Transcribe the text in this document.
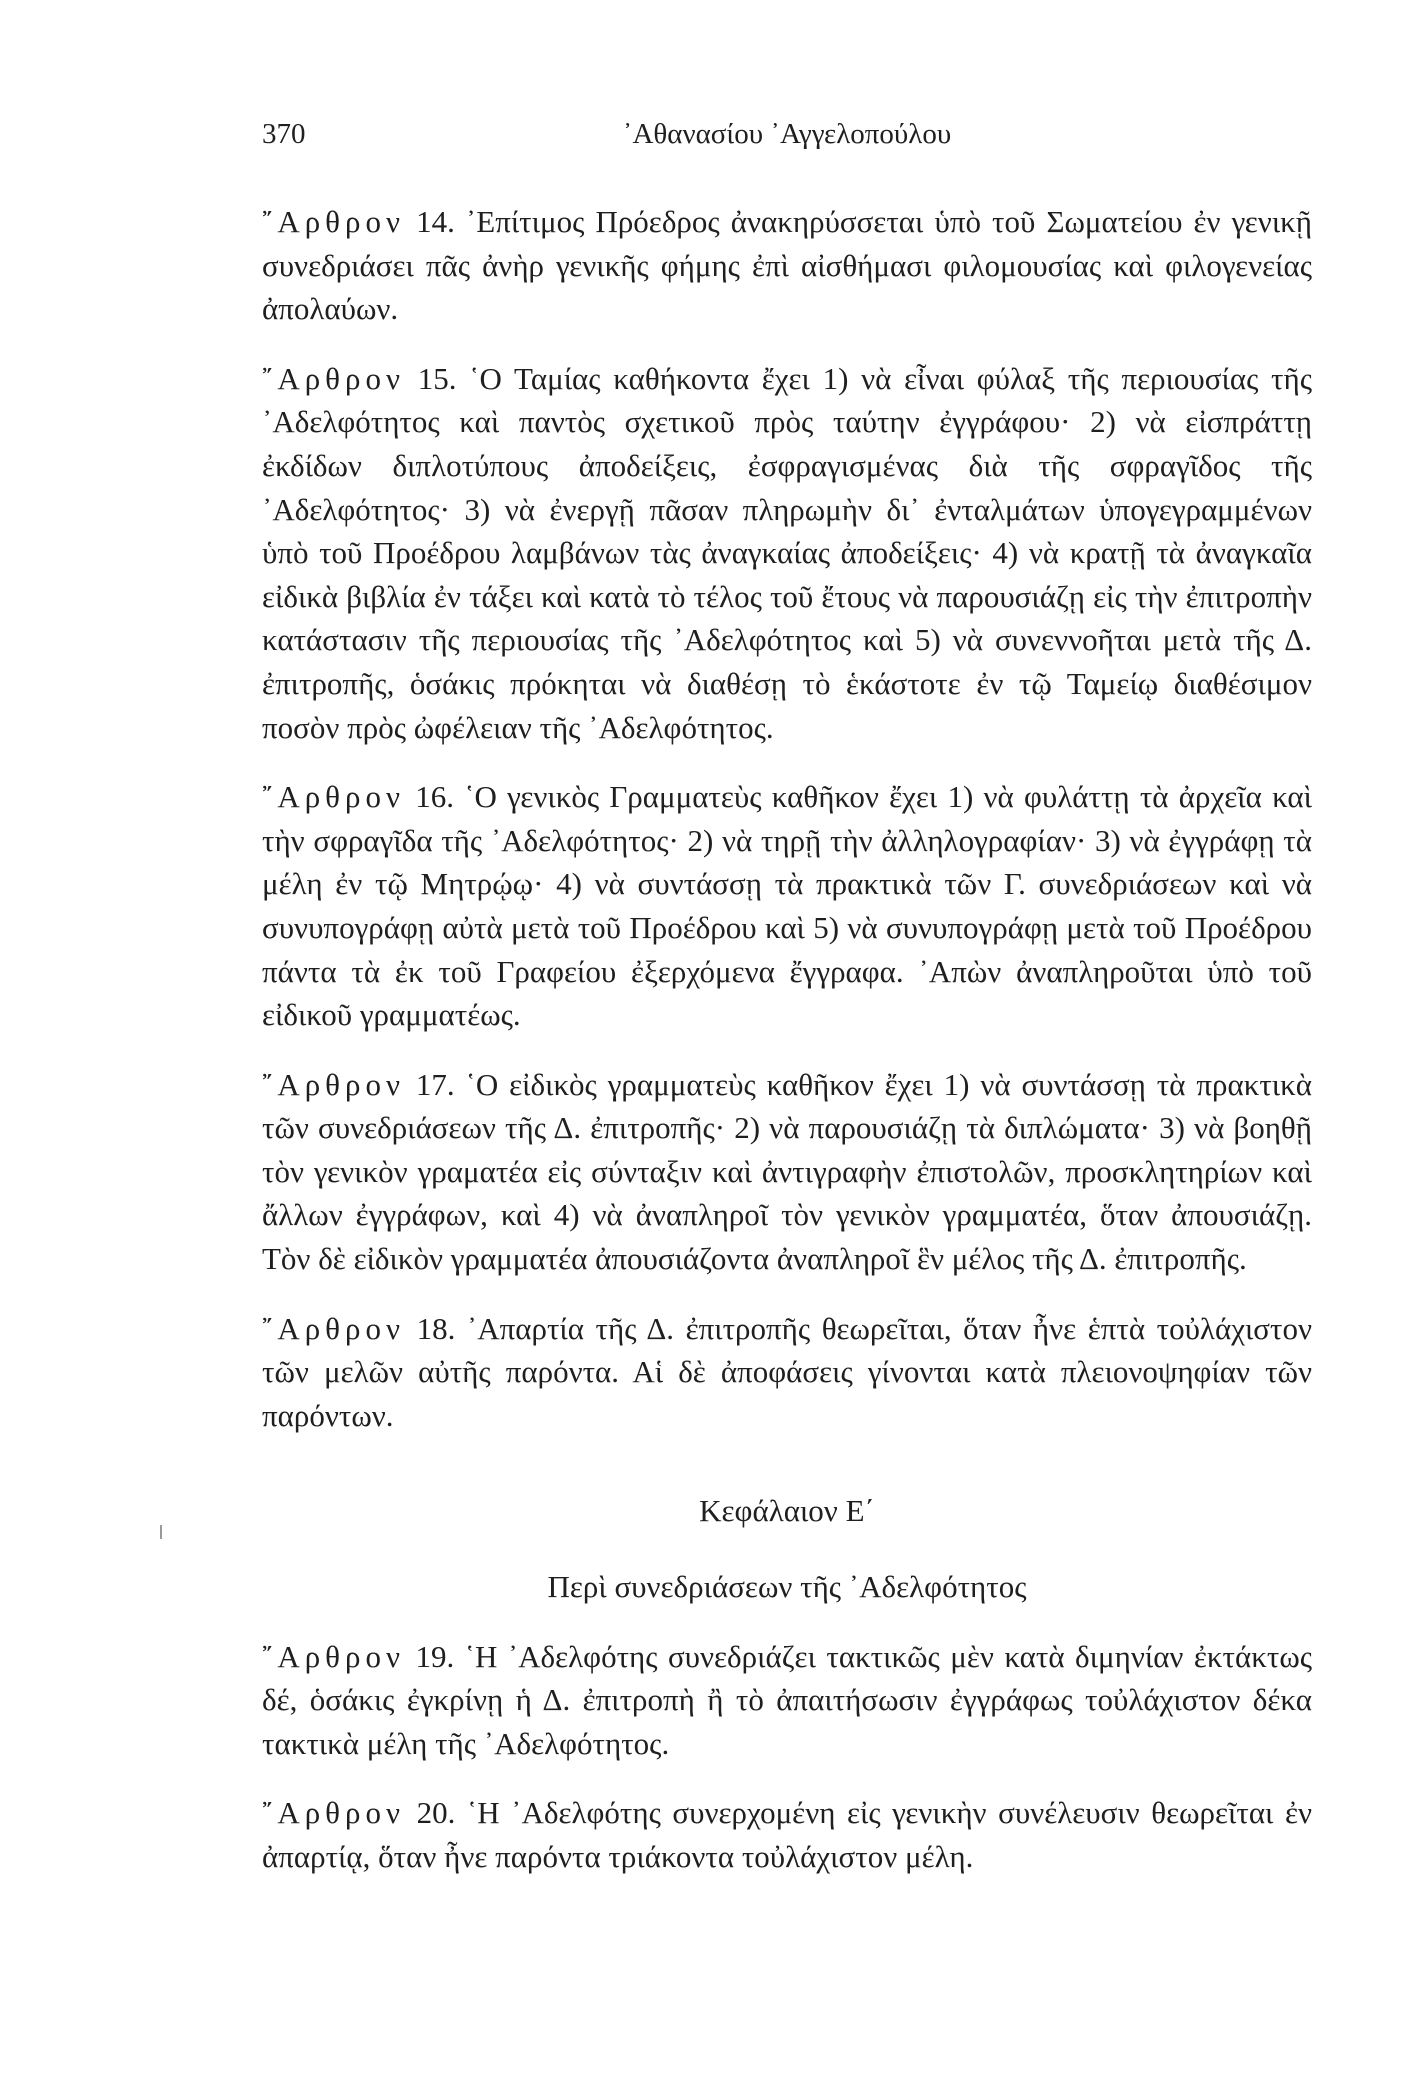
370	᾿Αθανασίου ᾿Αγγελοπούλου

῎Αρθρον 14. ᾿Επίτιμος Πρόεδρος ἀνακηρύσσεται ὑπὸ τοῦ Σωματείου ἐν γενικῇ συνεδριάσει πᾶς ἀνὴρ γενικῆς φήμης ἐπὶ αἰσθήμασι φιλομουσίας καὶ φιλογενείας ἀπολαύων.

῎Αρθρον 15. ῾Ο Ταμίας καθήκοντα ἔχει 1) νὰ εἶναι φύλαξ τῆς περιουσίας τῆς ᾿Αδελφότητος καὶ παντὸς σχετικοῦ πρὸς ταύτην ἐγγράφου· 2) νὰ εἰσπράττῃ ἐκδίδων διπλοτύπους ἀποδείξεις, ἐσφραγισμένας διὰ τῆς σφραγῖδος τῆς ᾿Αδελφότητος· 3) νὰ ἐνεργῇ πᾶσαν πληρωμὴν δι᾿ ἐνταλμάτων ὑπογεγραμμένων ὑπὸ τοῦ Προέδρου λαμβάνων τὰς ἀναγκαίας ἀποδείξεις· 4) νὰ κρατῇ τὰ ἀναγκαῖα εἰδικὰ βιβλία ἐν τάξει καὶ κατὰ τὸ τέλος τοῦ ἔτους νὰ παρουσιάζῃ εἰς τὴν ἐπιτροπὴν κατάστασιν τῆς περιουσίας τῆς ᾿Αδελφότητος καὶ 5) νὰ συνεννοῆται μετὰ τῆς Δ. ἐπιτροπῆς, ὁσάκις πρόκηται νὰ διαθέσῃ τὸ ἑκάστοτε ἐν τῷ Ταμείῳ διαθέσιμον ποσὸν πρὸς ὠφέλειαν τῆς ᾿Αδελφότητος.

῎Αρθρον 16. ῾Ο γενικὸς Γραμματεὺς καθῆκον ἔχει 1) νὰ φυλάττῃ τὰ ἀρχεῖα καὶ τὴν σφραγῖδα τῆς ᾿Αδελφότητος· 2) νὰ τηρῇ τὴν ἀλληλογραφίαν· 3) νὰ ἐγγράφῃ τὰ μέλη ἐν τῷ Μητρῴῳ· 4) νὰ συντάσσῃ τὰ πρακτικὰ τῶν Γ. συνεδριάσεων καὶ νὰ συνυπογράφῃ αὐτὰ μετὰ τοῦ Προέδρου καὶ 5) νὰ συνυπογράφῃ μετὰ τοῦ Προέδρου πάντα τὰ ἐκ τοῦ Γραφείου ἐξερχόμενα ἔγγραφα. ᾿Απὼν ἀναπληροῦται ὑπὸ τοῦ εἰδικοῦ γραμματέως.

῎Αρθρον 17. ῾Ο εἰδικὸς γραμματεὺς καθῆκον ἔχει 1) νὰ συντάσσῃ τὰ πρακτικὰ τῶν συνεδριάσεων τῆς Δ. ἐπιτροπῆς· 2) νὰ παρουσιάζῃ τὰ διπλώματα· 3) νὰ βοηθῇ τὸν γενικὸν γραματέα εἰς σύνταξιν καὶ ἀντιγραφὴν ἐπιστολῶν, προσκλητηρίων καὶ ἄλλων ἐγγράφων, καὶ 4) νὰ ἀναπληροῖ τὸν γενικὸν γραμματέα, ὅταν ἀπουσιάζῃ. Τὸν δὲ εἰδικὸν γραμματέα ἀπουσιάζοντα ἀναπληροῖ ἓν μέλος τῆς Δ. ἐπιτροπῆς.

῎Αρθρον 18. ᾿Απαρτία τῆς Δ. ἐπιτροπῆς θεωρεῖται, ὅταν ἦνε ἑπτὰ τοὐλάχιστον τῶν μελῶν αὐτῆς παρόντα. Αἱ δὲ ἀποφάσεις γίνονται κατὰ πλειονοψηφίαν τῶν παρόντων.

Κεφάλαιον Ε΄

Περὶ συνεδριάσεων τῆς ᾿Αδελφότητος

῎Αρθρον 19. ῾Η ᾿Αδελφότης συνεδριάζει τακτικῶς μὲν κατὰ διμηνίαν ἐκτάκτως δέ, ὁσάκις ἐγκρίνῃ ἡ Δ. ἐπιτροπὴ ἢ τὸ ἀπαιτήσωσιν ἐγγράφως τοὐλάχιστον δέκα τακτικὰ μέλη τῆς ᾿Αδελφότητος.

῎Αρθρον 20. ῾Η ᾿Αδελφότης συνερχομένη εἰς γενικὴν συνέλευσιν θεωρεῖται ἐν ἀπαρτίᾳ, ὅταν ἦνε παρόντα τριάκοντα τοὐλάχιστον μέλη.
